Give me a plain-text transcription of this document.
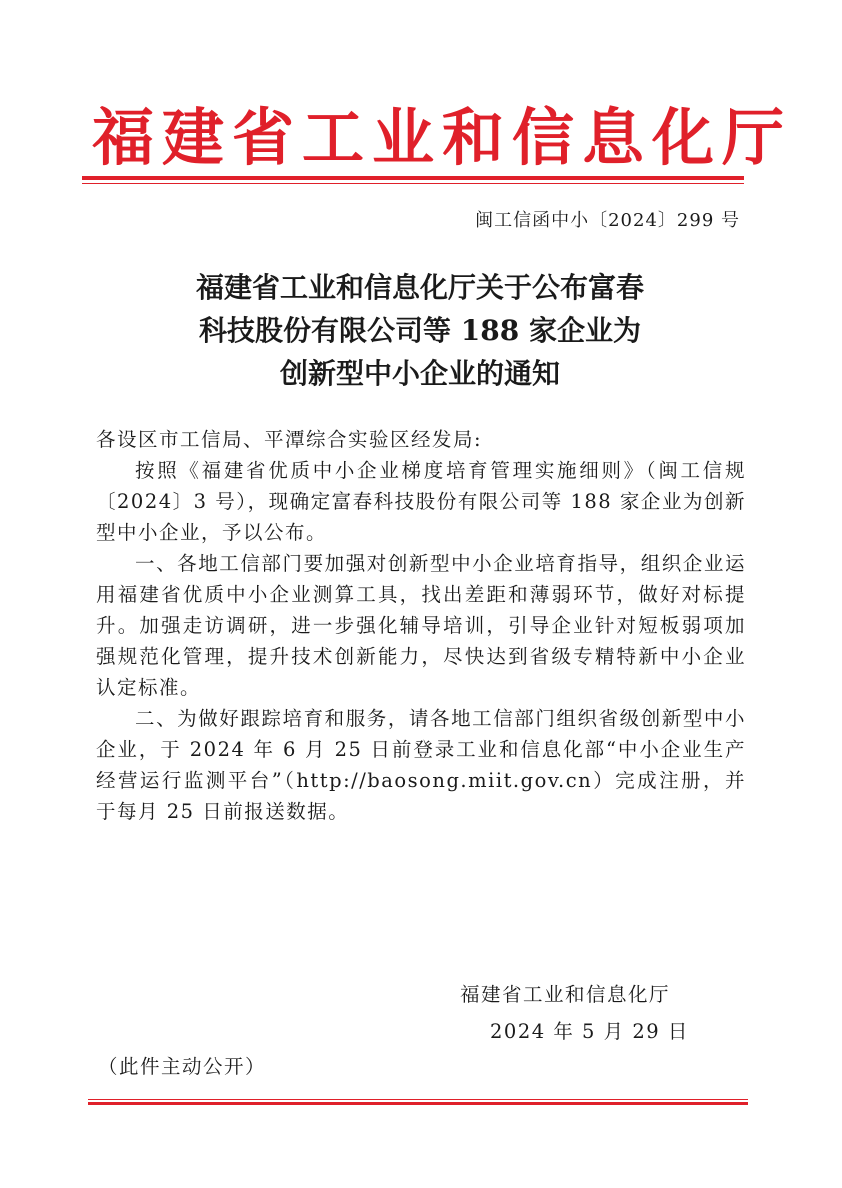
福建省工业和信息化厅
闽工信函中小〔2024〕299 号
福建省工业和信息化厅关于公布富春
科技股份有限公司等 188 家企业为
创新型中小企业的通知

各设区市工信局、平潭综合实验区经发局:

按照《福建省优质中小企业梯度培育管理实施细则》（闽工信规〔2024〕3 号），现确定富春科技股份有限公司等 188 家企业为创新型中小企业，予以公布。

一、各地工信部门要加强对创新型中小企业培育指导，组织企业运用福建省优质中小企业测算工具，找出差距和薄弱环节，做好对标提升。加强走访调研，进一步强化辅导培训，引导企业针对短板弱项加强规范化管理，提升技术创新能力，尽快达到省级专精特新中小企业认定标准。

二、为做好跟踪培育和服务，请各地工信部门组织省级创新型中小企业，于 2024 年 6 月 25 日前登录工业和信息化部“中小企业生产经营运行监测平台”（http://baosong.miit.gov.cn）完成注册，并于每月 25 日前报送数据。

福建省工业和信息化厅
2024 年 5 月 29 日
（此件主动公开）
